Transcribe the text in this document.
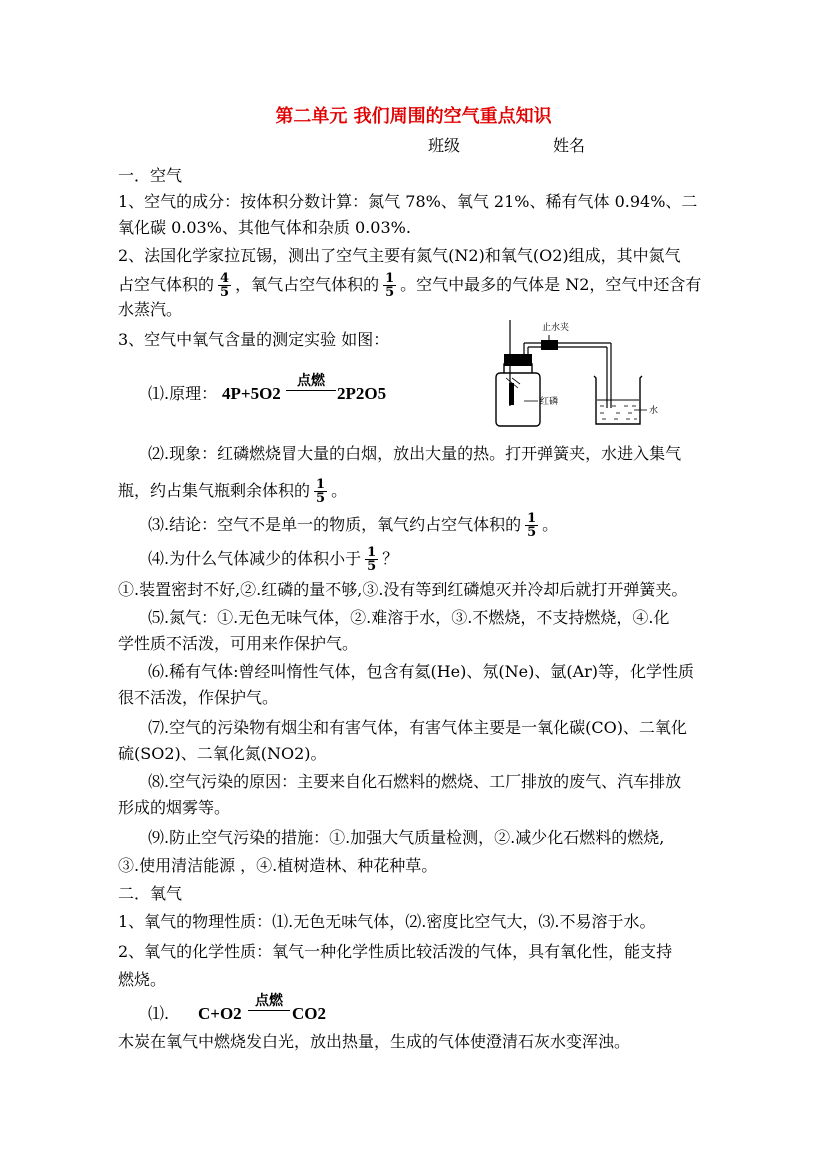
第二单元 我们周围的空气重点知识
班级	姓名
一．空气
1、空气的成分：按体积分数计算：氮气 78%、氧气 21%、稀有气体 0.94%、二
氧化碳 0.03%、其他气体和杂质 0.03%.
2、法国化学家拉瓦锡，测出了空气主要有氮气(N2)和氧气(O2)组成，其中氮气
占空气体积的 $\frac{4}{5}$ ，氧气占空气体积的 $\frac{1}{5}$ 。空气中最多的气体是 N2，空气中还含有
水蒸汽。
3、空气中氧气含量的测定实验 如图：
⑴.原理： 4P+5O2
点燃
2P2O5
止水夹
红磷
水
⑵.现象：红磷燃烧冒大量的白烟，放出大量的热。打开弹簧夹，水进入集气
瓶，约占集气瓶剩余体积的 $\frac{1}{5}$ 。
⑶.结论：空气不是单一的物质，氧气约占空气体积的 $\frac{1}{5}$ 。
⑷.为什么气体减少的体积小于 $\frac{1}{5}$ ？
①.装置密封不好,②.红磷的量不够,③.没有等到红磷熄灭并冷却后就打开弹簧夹。
⑸.氮气：①.无色无味气体，②.难溶于水，③.不燃烧，不支持燃烧，④.化
学性质不活泼，可用来作保护气。
⑹.稀有气体:曾经叫惰性气体，包含有氦(He)、氖(Ne)、氩(Ar)等，化学性质
很不活泼，作保护气。
⑺.空气的污染物有烟尘和有害气体，有害气体主要是一氧化碳(CO)、二氧化
硫(SO2)、二氧化氮(NO2)。
⑻.空气污染的原因：主要来自化石燃料的燃烧、工厂排放的废气、汽车排放
形成的烟雾等。
⑼.防止空气污染的措施：①.加强大气质量检测，②.减少化石燃料的燃烧,
③.使用清洁能源 ，④.植树造林、种花种草。
二．氧气
1、氧气的物理性质：⑴.无色无味气体，⑵.密度比空气大，⑶.不易溶于水。
2、氧气的化学性质：氧气一种化学性质比较活泼的气体，具有氧化性，能支持
燃烧。
⑴. C+O2
点燃
CO2
木炭在氧气中燃烧发白光，放出热量，生成的气体使澄清石灰水变浑浊。
